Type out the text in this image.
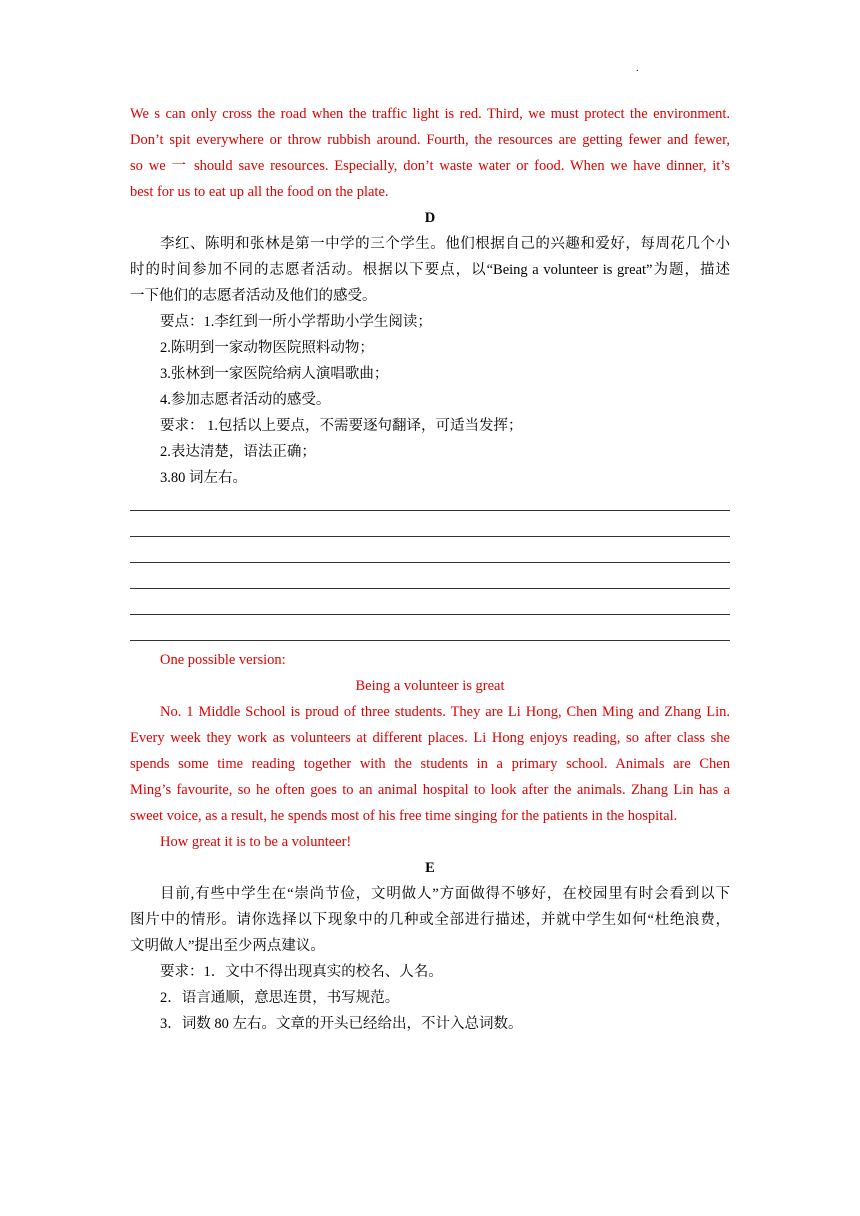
.
We s can only cross the road when the traffic light is red. Third, we must protect the environment.
Don’t spit everywhere or throw rubbish around. Fourth, the resources are getting fewer and fewer,
so we 一 should save resources. Especially, don’t waste water or food. When we have dinner, it’s
best for us to eat up all the food on the plate.
D
李红、陈明和张林是第一中学的三个学生。他们根据自己的兴趣和爱好，每周花几个小
时的时间参加不同的志愿者活动。根据以下要点，以“Being a volunteer is great”为题，描述
一下他们的志愿者活动及他们的感受。
要点：1.李红到一所小学帮助小学生阅读；
2.陈明到一家动物医院照料动物；
3.张林到一家医院给病人演唱歌曲；
4.参加志愿者活动的感受。
要求： 1.包括以上要点，不需要逐句翻译，可适当发挥；
2.表达清楚，语法正确；
3.80 词左右。
One possible version:
Being a volunteer is great
No. 1 Middle School is proud of three students. They are Li Hong, Chen Ming and Zhang Lin.
Every week they work as volunteers at different places. Li Hong enjoys reading, so after class she
spends some time reading together with the students in a primary school. Animals are Chen
Ming’s favourite, so he often goes to an animal hospital to look after the animals. Zhang Lin has a
sweet voice, as a result, he spends most of his free time singing for the patients in the hospital.
How great it is to be a volunteer!
E
目前,有些中学生在“崇尚节俭，文明做人”方面做得不够好，在校园里有时会看到以下
图片中的情形。请你选择以下现象中的几种或全部进行描述，并就中学生如何“杜绝浪费，
文明做人”提出至少两点建议。
要求：1．文中不得出现真实的校名、人名。
2．语言通顺，意思连贯，书写规范。
3．词数 80 左右。文章的开头已经给出，不计入总词数。
